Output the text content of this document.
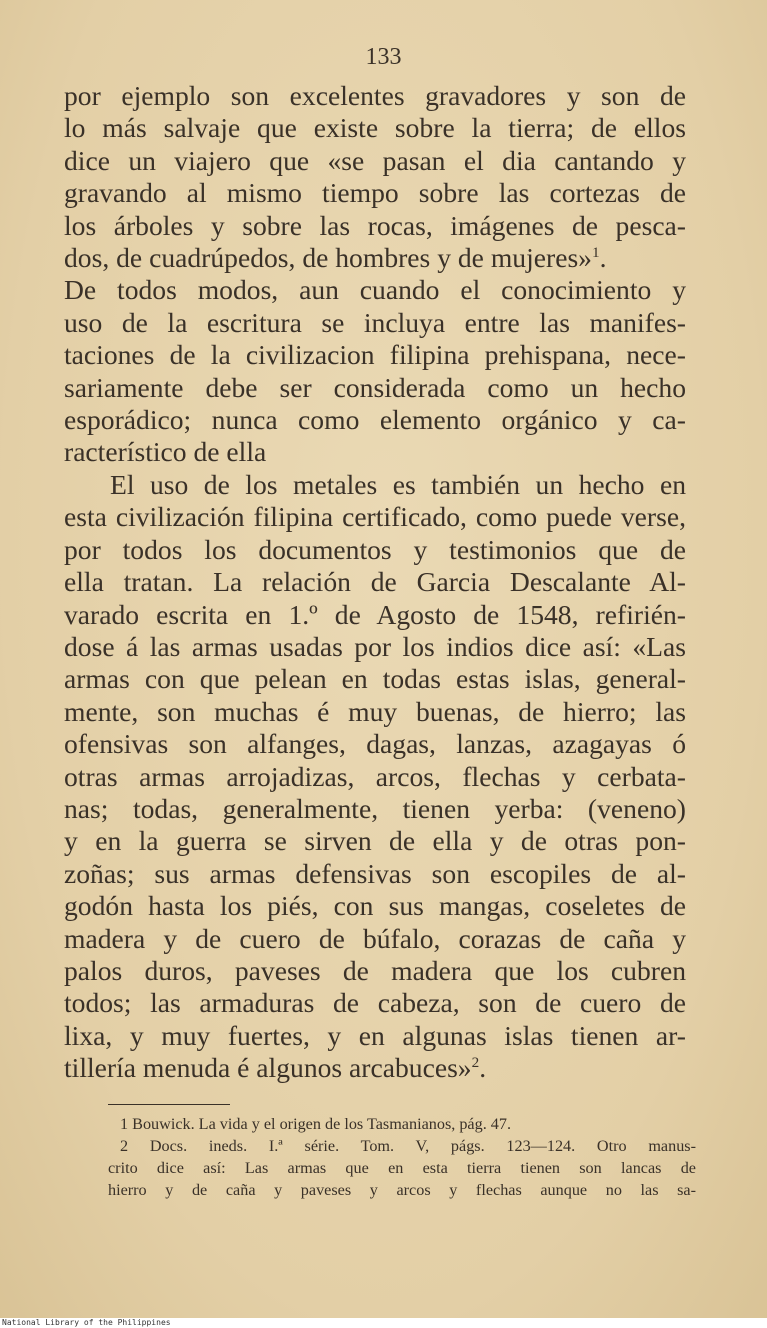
133
por ejemplo son excelentes gravadores y son de
lo más salvaje que existe sobre la tierra; de ellos
dice un viajero que «se pasan el dia cantando y
gravando al mismo tiempo sobre las cortezas de
los árboles y sobre las rocas, imágenes de pesca-
dos, de cuadrúpedos, de hombres y de mujeres»$^1$.
De todos modos, aun cuando el conocimiento y
uso de la escritura se incluya entre las manifes-
taciones de la civilizacion filipina prehispana, nece-
sariamente debe ser considerada como un hecho
esporádico; nunca como elemento orgánico y ca-
racterístico de ella
El uso de los metales es también un hecho en
esta civilización filipina certificado, como puede verse,
por todos los documentos y testimonios que de
ella tratan. La relación de Garcia Descalante Al-
varado escrita en 1.º de Agosto de 1548, refirién-
dose á las armas usadas por los indios dice así: «Las
armas con que pelean en todas estas islas, general-
mente, son muchas é muy buenas, de hierro; las
ofensivas son alfanges, dagas, lanzas, azagayas ó
otras armas arrojadizas, arcos, flechas y cerbata-
nas; todas, generalmente, tienen yerba: (veneno)
y en la guerra se sirven de ella y de otras pon-
zoñas; sus armas defensivas son escopiles de al-
godón hasta los piés, con sus mangas, coseletes de
madera y de cuero de búfalo, corazas de caña y
palos duros, paveses de madera que los cubren
todos; las armaduras de cabeza, son de cuero de
lixa, y muy fuertes, y en algunas islas tienen ar-
tillería menuda é algunos arcabuces»$^2$.
1 Bouwick. La vida y el origen de los Tasmanianos, pág. 47.
2 Docs. ineds. I.ª série. Tom. V, págs. 123—124. Otro manus-
crito dice así: Las armas que en esta tierra tienen son lancas de
hierro y de caña y paveses y arcos y flechas aunque no las sa-
National Library of the Philippines
